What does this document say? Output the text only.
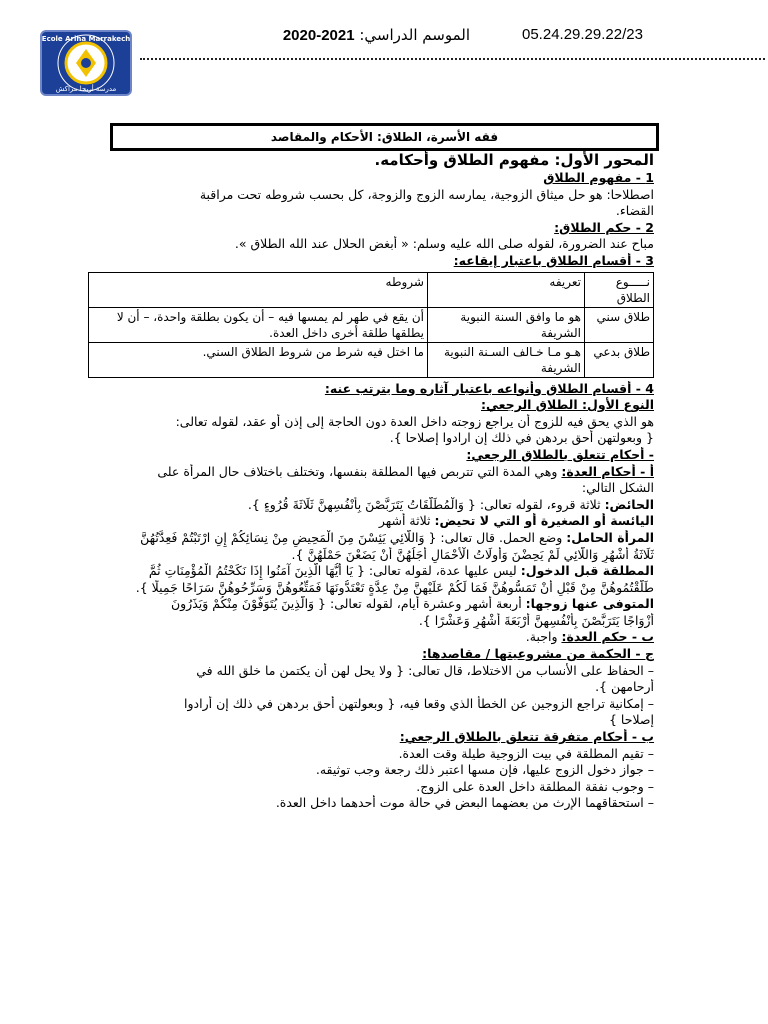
Ecole Ariha Marrakech
مدرسة أريحا مراكش
الموسم الدراسي: 2021-2020	05.24.29.29.22/23
فقه الأسرة، الطلاق: الأحكام والمقاصد
المحور الأول: مفهوم الطلاق وأحكامه.
1 - مفهوم الطلاق
اصطلاحا: هو حل ميثاق الزوجية، يمارسه الزوج والزوجة، كل بحسب شروطه تحت مراقبة
القضاء.
2 - حكم الطلاق:
مباح عند الضرورة، لقوله صلى الله عليه وسلم: « أبغض الحلال عند الله الطلاق ».
3 - أقسام الطلاق باعتبار إيقاعه:
نـــــوع الطلاق	تعريفه	شروطه
طلاق سني	هو ما وافق السنة النبوية الشريفة	أن يقع في طهر لم يمسها فيه – أن يكون بطلقة واحدة، – أن لا يطلقها طلقة أخرى داخل العدة.
طلاق بدعي	هـو مـا خـالف السـنة النبوية الشريفة	ما اختل فيه شرط من شروط الطلاق السني.
4 - أقسام الطلاق وأنواعه باعتبار آثاره وما يترتب عنه:
النوع الأول: الطلاق الرجعي:
هو الذي يحق فيه للزوج أن يراجع زوجته داخل العدة دون الحاجة إلى إذن أو عقد، لقوله تعالى:
{ وبعولتهن أحق بردهن في ذلك إن ارادوا إصلاحا }.
- أحكام تتعلق بالطلاق الرجعي:
أ - أحكام العدة: وهي المدة التي تتربص فيها المطلقة بنفسها، وتختلف باختلاف حال المرأة على
الشكل التالي:
الحائض: ثلاثة قروء، لقوله تعالى: { وَالْمُطَلَّقَاتُ يَتَرَبَّصْنَ بِأَنْفُسِهِنَّ ثَلَاثَةَ قُرُوءٍ }.
اليائسة أو الصغيرة أو التي لا تحيض: ثلاثة أشهر
المرأة الحامل: وضع الحمل. قال تعالى: { وَاللَّائِي يَئِسْنَ مِنَ الْمَحِيضِ مِنْ نِسَائِكُمْ إِنِ ارْتَبْتُمْ فَعِدَّتُهُنَّ
ثَلَاثَةُ أَشْهُرٍ وَاللَّائِي لَمْ يَحِضْنَ وَأُولَاتُ الْأَحْمَالِ أَجَلُهُنَّ أَنْ يَضَعْنَ حَمْلَهُنَّ }.
المطلقة قبل الدخول: ليس عليها عدة، لقوله تعالى: { يَا أَيُّهَا الَّذِينَ آمَنُوا إِذَا نَكَحْتُمُ الْمُؤْمِنَاتِ ثُمَّ
طَلَّقْتُمُوهُنَّ مِنْ قَبْلِ أَنْ تَمَسُّوهُنَّ فَمَا لَكُمْ عَلَيْهِنَّ مِنْ عِدَّةٍ تَعْتَدُّونَهَا فَمَتِّعُوهُنَّ وَسَرِّحُوهُنَّ سَرَاحًا جَمِيلًا }.
المتوفى عنها زوجها: أربعة أشهر وعشرة أيام، لقوله تعالى: { وَالَّذِينَ يُتَوَفَّوْنَ مِنْكُمْ وَيَذَرُونَ
أَزْوَاجًا يَتَرَبَّصْنَ بِأَنْفُسِهِنَّ أَرْبَعَةَ أَشْهُرٍ وَعَشْرًا }.
ب - حكم العدة: واجبة.
ج - الحكمة من مشروعيتها / مقاصدها:
– الحفاظ على الأنساب من الاختلاط، قال تعالى: { ولا يحل لهن أن يكتمن ما خلق الله في
أرحامهن }.
– إمكانية تراجع الزوجين عن الخطأ الذي وقعا فيه، { وبعولتهن أحق بردهن في ذلك إن أرادوا
إصلاحا }
ب - أحكام متفرقة تتعلق بالطلاق الرجعي:
– تقيم المطلقة في بيت الزوجية طيلة وقت العدة.
– جواز دخول الزوج عليها، فإن مسها اعتبر ذلك رجعة وجب توثيقه.
– وجوب نفقة المطلقة داخل العدة على الزوج.
– استحقاقهما الإرث من بعضهما البعض في حالة موت أحدهما داخل العدة.
